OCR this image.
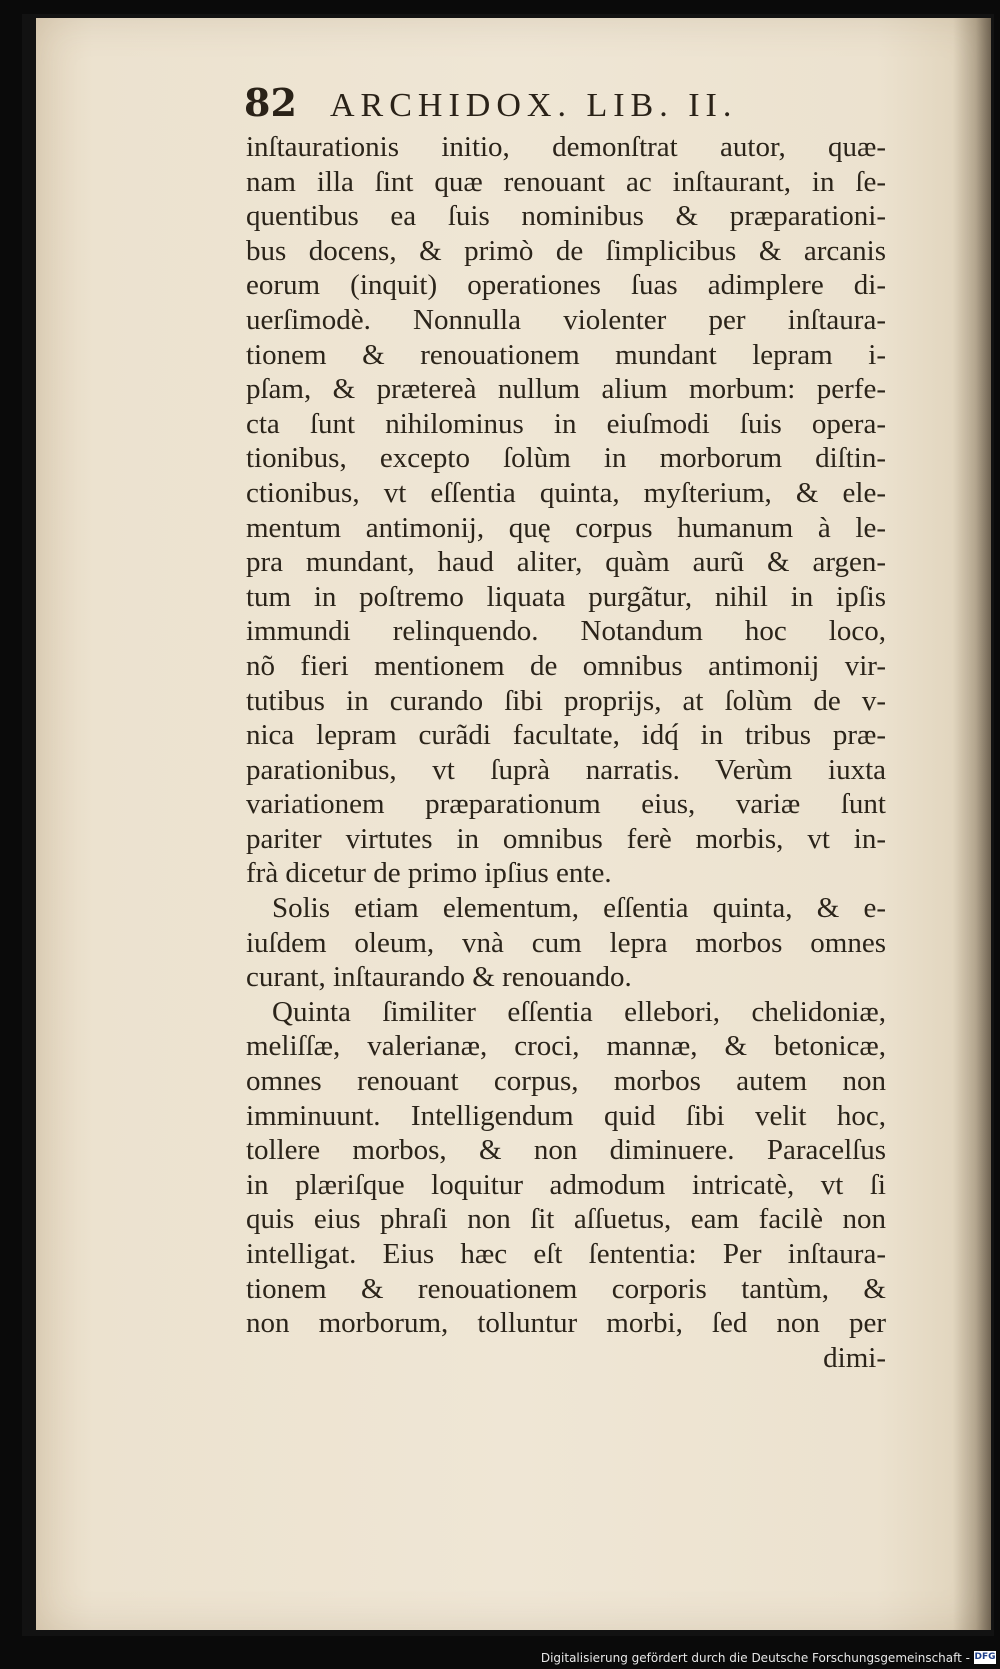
82 ARCHIDOX. LIB. II.
inſtaurationis initio, demonſtrat autor, quæ-
nam illa ſint quæ renouant ac inſtaurant, in ſe-
quentibus ea ſuis nominibus & præparationi-
bus docens, & primò de ſimplicibus & arcanis
eorum (inquit) operationes ſuas adimplere di-
uerſimodè. Nonnulla violenter per inſtaura-
tionem & renouationem mundant lepram i-
pſam, & prætereà nullum alium morbum: perfe-
cta ſunt nihilominus in eiuſmodi ſuis opera-
tionibus, excepto ſolùm in morborum diſtin-
ctionibus, vt eſſentia quinta, myſterium, & ele-
mentum antimonij, quę corpus humanum à le-
pra mundant, haud aliter, quàm aurũ & argen-
tum in poſtremo liquata purgãtur, nihil in ipſis
immundi relinquendo. Notandum hoc loco,
nõ fieri mentionem de omnibus antimonij vir-
tutibus in curando ſibi proprijs, at ſolùm de v-
nica lepram curãdi facultate, idq́ in tribus præ-
parationibus, vt ſuprà narratis. Verùm iuxta
variationem præparationum eius, variæ ſunt
pariter virtutes in omnibus ferè morbis, vt in-
frà dicetur de primo ipſius ente.
Solis etiam elementum, eſſentia quinta, & e-
iuſdem oleum, vnà cum lepra morbos omnes
curant, inſtaurando & renouando.
Quinta ſimiliter eſſentia ellebori, chelidoniæ,
meliſſæ, valerianæ, croci, mannæ, & betonicæ,
omnes renouant corpus, morbos autem non
imminuunt. Intelligendum quid ſibi velit hoc,
tollere morbos, & non diminuere. Paracelſus
in plæriſque loquitur admodum intricatè, vt ſi
quis eius phraſi non ſit aſſuetus, eam facilè non
intelligat. Eius hæc eſt ſententia: Per inſtaura-
tionem & renouationem corporis tantùm, &
non morborum, tolluntur morbi, ſed non per
dimi-
Digitalisierung gefördert durch die Deutsche Forschungsgemeinschaft - DFG
